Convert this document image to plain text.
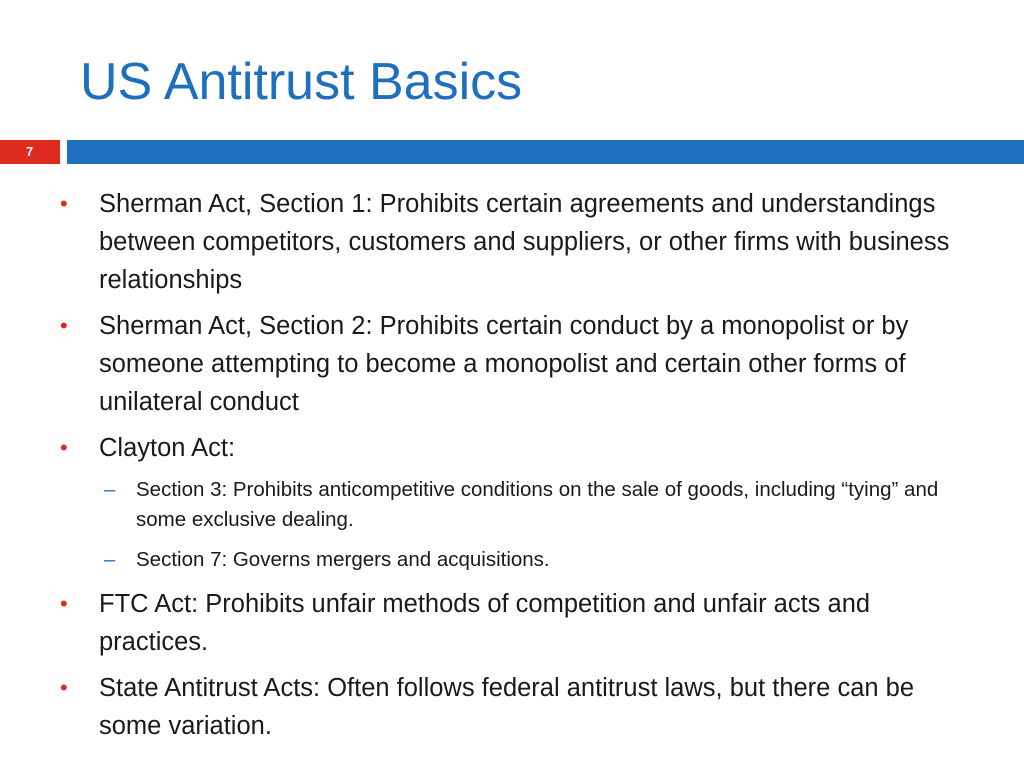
US Antitrust Basics
7
•	Sherman Act, Section 1: Prohibits certain agreements and understandings between competitors, customers and suppliers, or other firms with business relationships
•	Sherman Act, Section 2: Prohibits certain conduct by a monopolist or by someone attempting to become a monopolist and certain other forms of unilateral conduct
•	Clayton Act:
– Section 3: Prohibits anticompetitive conditions on the sale of goods, including “tying” and some exclusive dealing.
– Section 7: Governs mergers and acquisitions.
•	FTC Act: Prohibits unfair methods of competition and unfair acts and practices.
•	State Antitrust Acts: Often follows federal antitrust laws, but there can be some variation.
